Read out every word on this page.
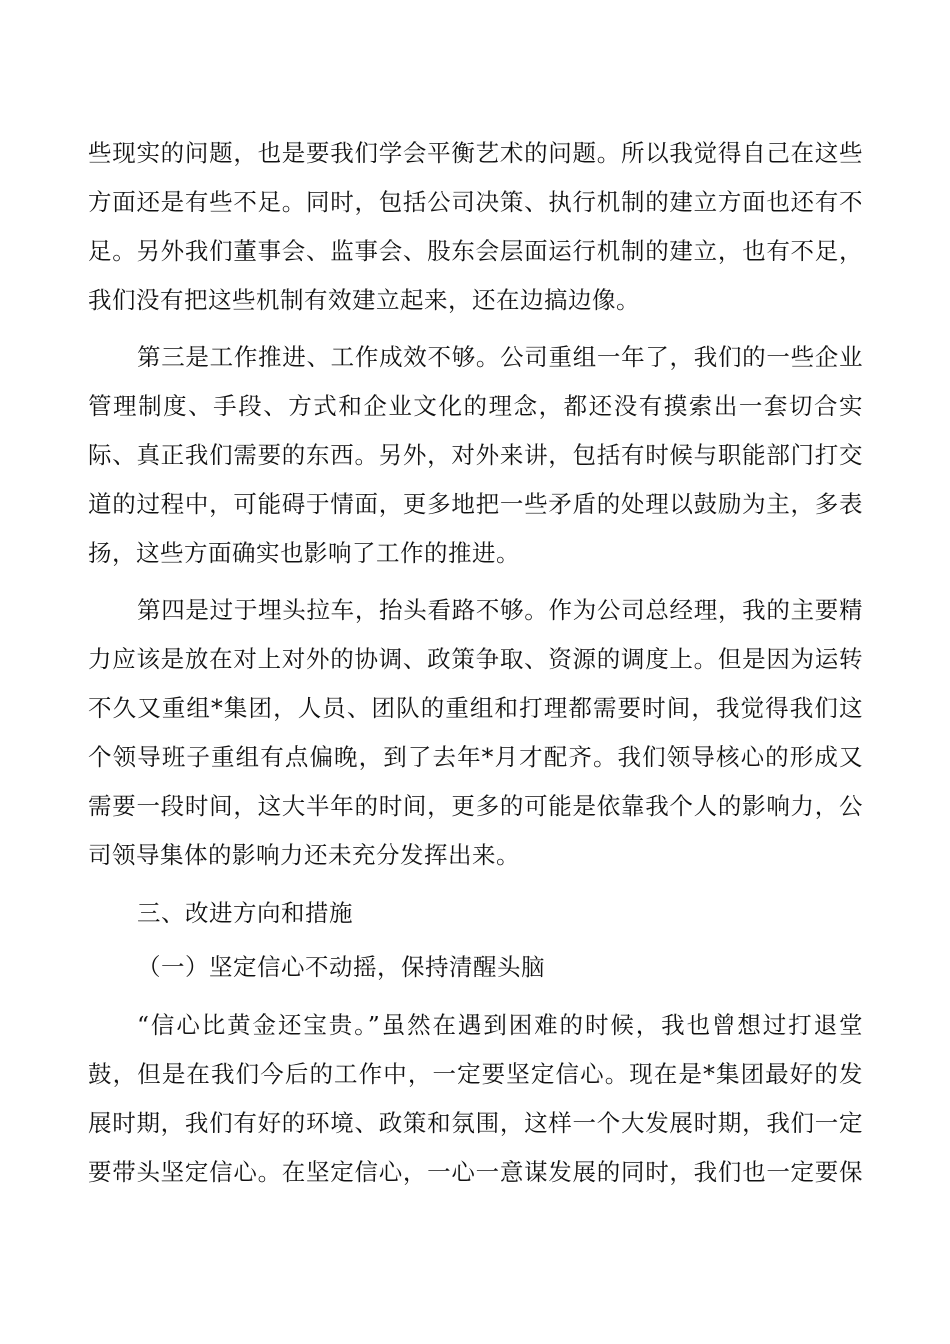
些现实的问题，也是要我们学会平衡艺术的问题。所以我觉得自己在这些
方面还是有些不足。同时，包括公司决策、执行机制的建立方面也还有不
足。另外我们董事会、监事会、股东会层面运行机制的建立，也有不足，
我们没有把这些机制有效建立起来，还在边搞边像。
第三是工作推进、工作成效不够。公司重组一年了，我们的一些企业
管理制度、手段、方式和企业文化的理念，都还没有摸索出一套切合实
际、真正我们需要的东西。另外，对外来讲，包括有时候与职能部门打交
道的过程中，可能碍于情面，更多地把一些矛盾的处理以鼓励为主，多表
扬，这些方面确实也影响了工作的推进。
第四是过于埋头拉车，抬头看路不够。作为公司总经理，我的主要精
力应该是放在对上对外的协调、政策争取、资源的调度上。但是因为运转
不久又重组*集团，人员、团队的重组和打理都需要时间，我觉得我们这
个领导班子重组有点偏晚，到了去年*月才配齐。我们领导核心的形成又
需要一段时间，这大半年的时间，更多的可能是依靠我个人的影响力，公
司领导集体的影响力还未充分发挥出来。
三、改进方向和措施
（一）坚定信心不动摇，保持清醒头脑
“信心比黄金还宝贵。”虽然在遇到困难的时候，我也曾想过打退堂
鼓，但是在我们今后的工作中，一定要坚定信心。现在是*集团最好的发
展时期，我们有好的环境、政策和氛围，这样一个大发展时期，我们一定
要带头坚定信心。在坚定信心，一心一意谋发展的同时，我们也一定要保
